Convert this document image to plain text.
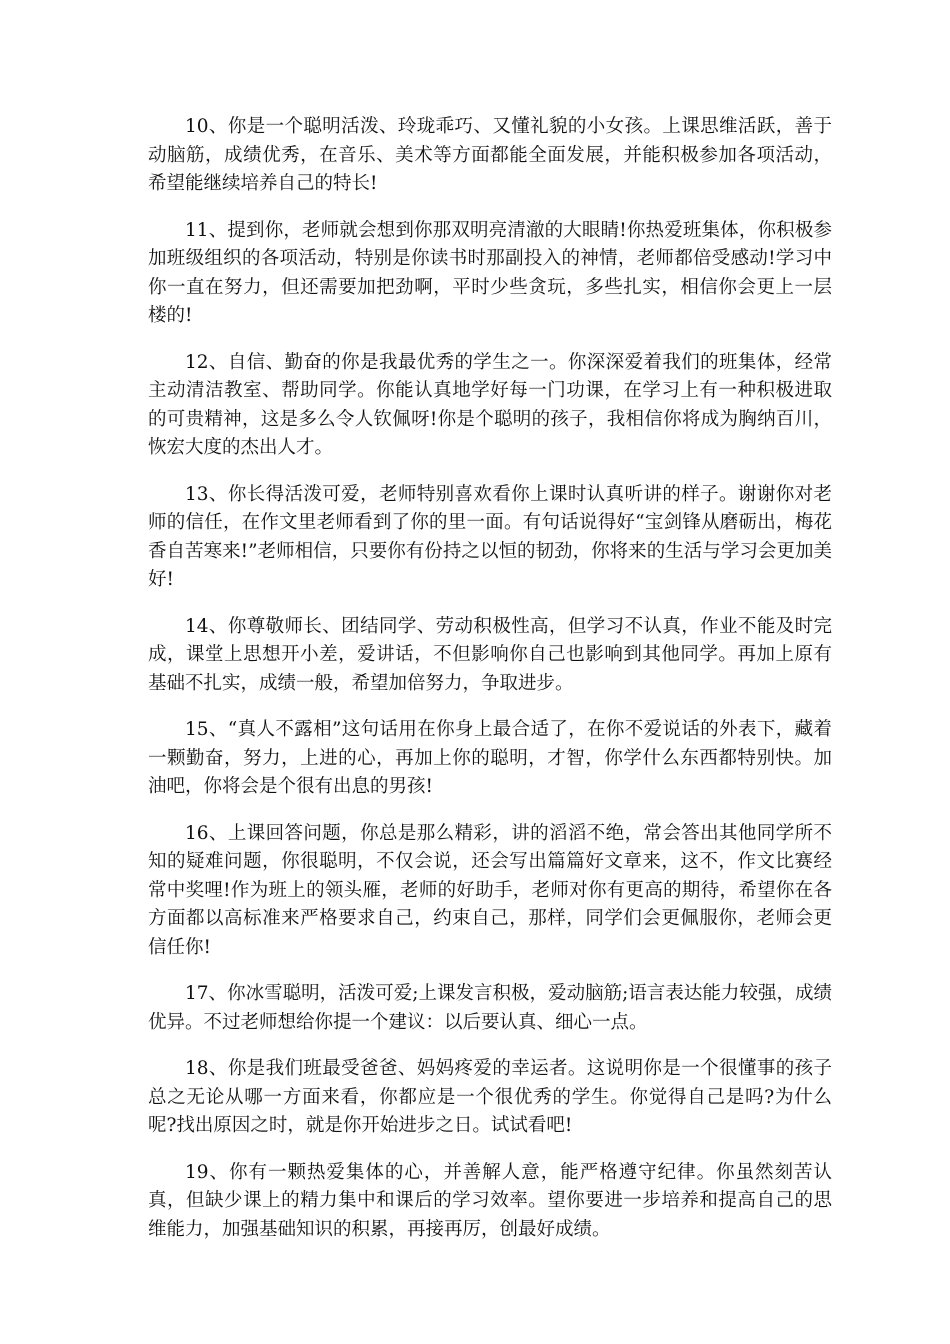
10、你是一个聪明活泼、玲珑乖巧、又懂礼貌的小女孩。上课思维活跃，善于动脑筋，成绩优秀，在音乐、美术等方面都能全面发展，并能积极参加各项活动，希望能继续培养自己的特长!

11、提到你，老师就会想到你那双明亮清澈的大眼睛!你热爱班集体，你积极参加班级组织的各项活动，特别是你读书时那副投入的神情，老师都倍受感动!学习中你一直在努力，但还需要加把劲啊，平时少些贪玩，多些扎实，相信你会更上一层楼的!

12、自信、勤奋的你是我最优秀的学生之一。你深深爱着我们的班集体，经常主动清洁教室、帮助同学。你能认真地学好每一门功课，在学习上有一种积极进取的可贵精神，这是多么令人钦佩呀!你是个聪明的孩子，我相信你将成为胸纳百川，恢宏大度的杰出人才。

13、你长得活泼可爱，老师特别喜欢看你上课时认真听讲的样子。谢谢你对老师的信任，在作文里老师看到了你的里一面。有句话说得好“宝剑锋从磨砺出，梅花香自苦寒来!”老师相信，只要你有份持之以恒的韧劲，你将来的生活与学习会更加美好!

14、你尊敬师长、团结同学、劳动积极性高，但学习不认真，作业不能及时完成，课堂上思想开小差，爱讲话，不但影响你自己也影响到其他同学。再加上原有基础不扎实，成绩一般，希望加倍努力，争取进步。

15、“真人不露相”这句话用在你身上最合适了，在你不爱说话的外表下，藏着一颗勤奋，努力，上进的心，再加上你的聪明，才智，你学什么东西都特别快。加油吧，你将会是个很有出息的男孩!

16、上课回答问题，你总是那么精彩，讲的滔滔不绝，常会答出其他同学所不知的疑难问题，你很聪明，不仅会说，还会写出篇篇好文章来，这不，作文比赛经常中奖哩!作为班上的领头雁，老师的好助手，老师对你有更高的期待，希望你在各方面都以高标准来严格要求自己，约束自己，那样，同学们会更佩服你，老师会更信任你!

17、你冰雪聪明，活泼可爱;上课发言积极，爱动脑筋;语言表达能力较强，成绩优异。不过老师想给你提一个建议：以后要认真、细心一点。

18、你是我们班最受爸爸、妈妈疼爱的幸运者。这说明你是一个很懂事的孩子总之无论从哪一方面来看，你都应是一个很优秀的学生。你觉得自己是吗?为什么呢?找出原因之时，就是你开始进步之日。试试看吧!

19、你有一颗热爱集体的心，并善解人意，能严格遵守纪律。你虽然刻苦认真，但缺少课上的精力集中和课后的学习效率。望你要进一步培养和提高自己的思维能力，加强基础知识的积累，再接再厉，创最好成绩。
